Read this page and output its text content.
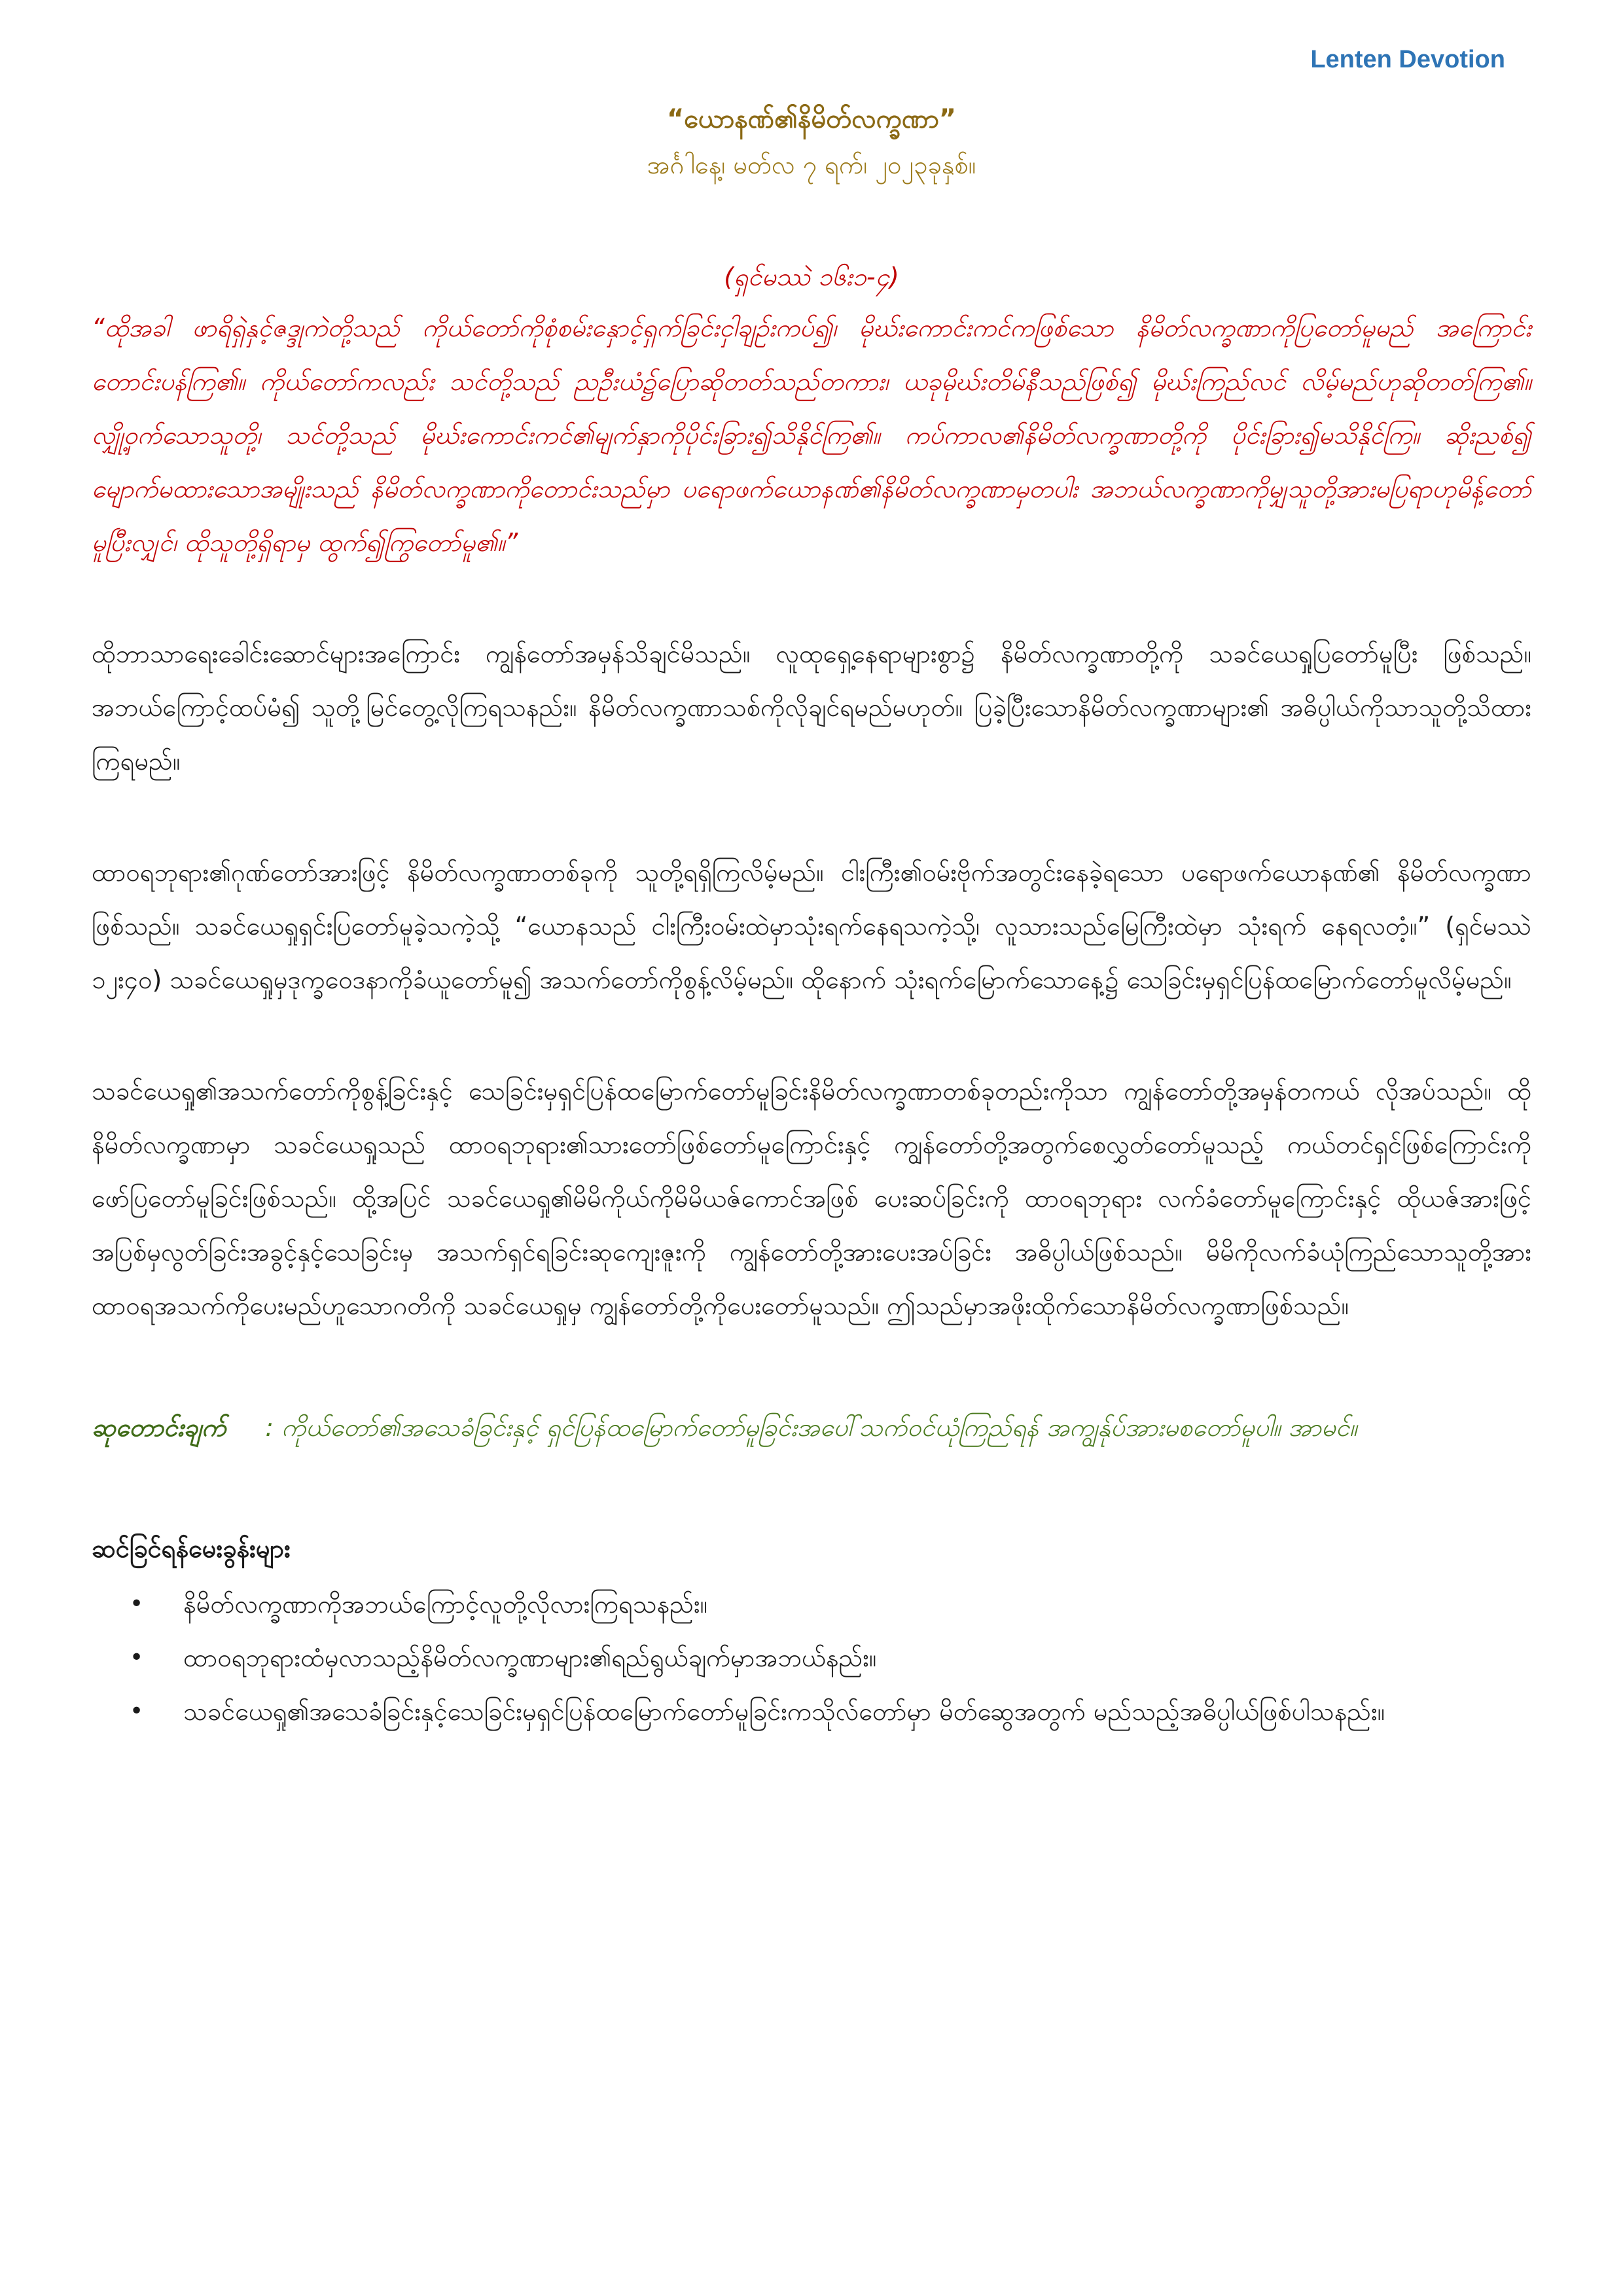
Lenten Devotion

“ယောနဏ်၏နိမိတ်လက္ခဏာ”

အင်္ဂါနေ့၊ မတ်လ ၇ ရက်၊ ၂၀၂၃ခုနှစ်။

(ရှင်မဿဲ ၁၆း၁-၄)

“ထိုအခါ ဖာရိရှဲနှင့်ဇဒ္ဒုကဲတို့သည် ကိုယ်တော်ကိုစုံစမ်းနှောင့်ရှက်ခြင်းငှါချဉ်းကပ်၍၊ မိုဃ်းကောင်းကင်ကဖြစ်သော နိမိတ်လက္ခဏာကိုပြတော်မူမည် အကြောင်းတောင်းပန်ကြ၏။ ကိုယ်တော်ကလည်း သင်တို့သည် ညဦးယံ၌ပြောဆိုတတ်သည်တကား၊ ယခုမိုဃ်းတိမ်နီသည်ဖြစ်၍ မိုဃ်းကြည်လင် လိမ့်မည်ဟုဆိုတတ်ကြ၏။ လျှို့ဝှက်သောသူတို့၊ သင်တို့သည် မိုဃ်းကောင်းကင်၏မျက်နှာကိုပိုင်းခြား၍သိနိုင်ကြ၏။ ကပ်ကာလ၏နိမိတ်လက္ခဏာတို့ကို ပိုင်းခြား၍မသိနိုင်ကြ။ ဆိုးညစ်၍ မျောက်မထားသောအမျိုးသည် နိမိတ်လက္ခဏာကိုတောင်းသည်မှာ ပရောဖက်ယောနဏ်၏နိမိတ်လက္ခဏာမှတပါး အဘယ်လက္ခဏာကိုမျှသူတို့အားမပြရာဟုမိန့်တော်မူပြီးလျှင်၊ ထိုသူတို့ရှိရာမှ ထွက်၍ကြွတော်မူ၏။”

ထိုဘာသာရေးခေါင်းဆောင်များအကြောင်း ကျွန်တော်အမှန်သိချင်မိသည်။ လူထုရှေ့နေရာများစွာ၌ နိမိတ်လက္ခဏာတို့ကို သခင်ယေရှုပြတော်မူပြီး ဖြစ်သည်။ အဘယ်ကြောင့်ထပ်မံ၍ သူတို့မြင်တွေ့လိုကြရသနည်း။ နိမိတ်လက္ခဏာသစ်ကိုလိုချင်ရမည်မဟုတ်။ ပြခဲ့ပြီးသောနိမိတ်လက္ခဏာများ၏ အဓိပ္ပါယ်ကိုသာသူတို့သိထားကြရမည်။

ထာဝရဘုရား၏ဂုဏ်တော်အားဖြင့် နိမိတ်လက္ခဏာတစ်ခုကို သူတို့ရရှိကြလိမ့်မည်။ ငါးကြီး၏ဝမ်းဗိုက်အတွင်းနေခဲ့ရသော ပရောဖက်ယောနဏ်၏ နိမိတ်လက္ခဏာဖြစ်သည်။ သခင်ယေရှုရှင်းပြတော်မူခဲ့သကဲ့သို့ “ယောနသည် ငါးကြီးဝမ်းထဲမှာသုံးရက်နေရသကဲ့သို့၊ လူသားသည်မြေကြီးထဲမှာ သုံးရက် နေရလတံ့။” (ရှင်မဿဲ ၁၂း၄၀) သခင်ယေရှုမှဒုက္ခဝေဒနာကိုခံယူတော်မူ၍ အသက်တော်ကိုစွန့်လိမ့်မည်။ ထိုနောက် သုံးရက်မြောက်သောနေ့၌ သေခြင်းမှရှင်ပြန်ထမြောက်တော်မူလိမ့်မည်။

သခင်ယေရှု၏အသက်တော်ကိုစွန့်ခြင်းနှင့် သေခြင်းမှရှင်ပြန်ထမြောက်တော်မူခြင်းနိမိတ်လက္ခဏာတစ်ခုတည်းကိုသာ ကျွန်တော်တို့အမှန်တကယ် လိုအပ်သည်။ ထိုနိမိတ်လက္ခဏာမှာ သခင်ယေရှုသည် ထာဝရဘုရား၏သားတော်ဖြစ်တော်မူကြောင်းနှင့် ကျွန်တော်တို့အတွက်စေလွှတ်တော်မူသည့် ကယ်တင်ရှင်ဖြစ်ကြောင်းကို ဖော်ပြတော်မူခြင်းဖြစ်သည်။ ထို့အပြင် သခင်ယေရှု၏မိမိကိုယ်ကိုမိမိယဇ်ကောင်အဖြစ် ပေးဆပ်ခြင်းကို ထာဝရဘုရား လက်ခံတော်မူကြောင်းနှင့် ထိုယဇ်အားဖြင့် အပြစ်မှလွတ်ခြင်းအခွင့်နှင့်သေခြင်းမှ အသက်ရှင်ရခြင်းဆုကျေးဇူးကို ကျွန်တော်တို့အားပေးအပ်ခြင်း အဓိပ္ပါယ်ဖြစ်သည်။ မိမိကိုလက်ခံယုံကြည်သောသူတို့အား ထာဝရအသက်ကိုပေးမည်ဟူသောဂတိကို သခင်ယေရှုမှ ကျွန်တော်တို့ကိုပေးတော်မူသည်။ ဤသည်မှာအဖိုးထိုက်သောနိမိတ်လက္ခဏာဖြစ်သည်။

ဆုတောင်းချက် : ကိုယ်တော်၏အသေခံခြင်းနှင့် ရှင်ပြန်ထမြောက်တော်မူခြင်းအပေါ်သက်ဝင်ယုံကြည်ရန် အကျွန်ုပ်အားမစတော်မူပါ။ အာမင်။

ဆင်ခြင်ရန်မေးခွန်းများ

• နိမိတ်လက္ခဏာကိုအဘယ်ကြောင့်လူတို့လိုလားကြရသနည်း။
• ထာဝရဘုရားထံမှလာသည့်နိမိတ်လက္ခဏာများ၏ရည်ရွယ်ချက်မှာအဘယ်နည်း။
• သခင်ယေရှု၏အသေခံခြင်းနှင့်သေခြင်းမှရှင်ပြန်ထမြောက်တော်မူခြင်းကသိုလ်တော်မှာ မိတ်ဆွေအတွက် မည်သည့်အဓိပ္ပါယ်ဖြစ်ပါသနည်း။
